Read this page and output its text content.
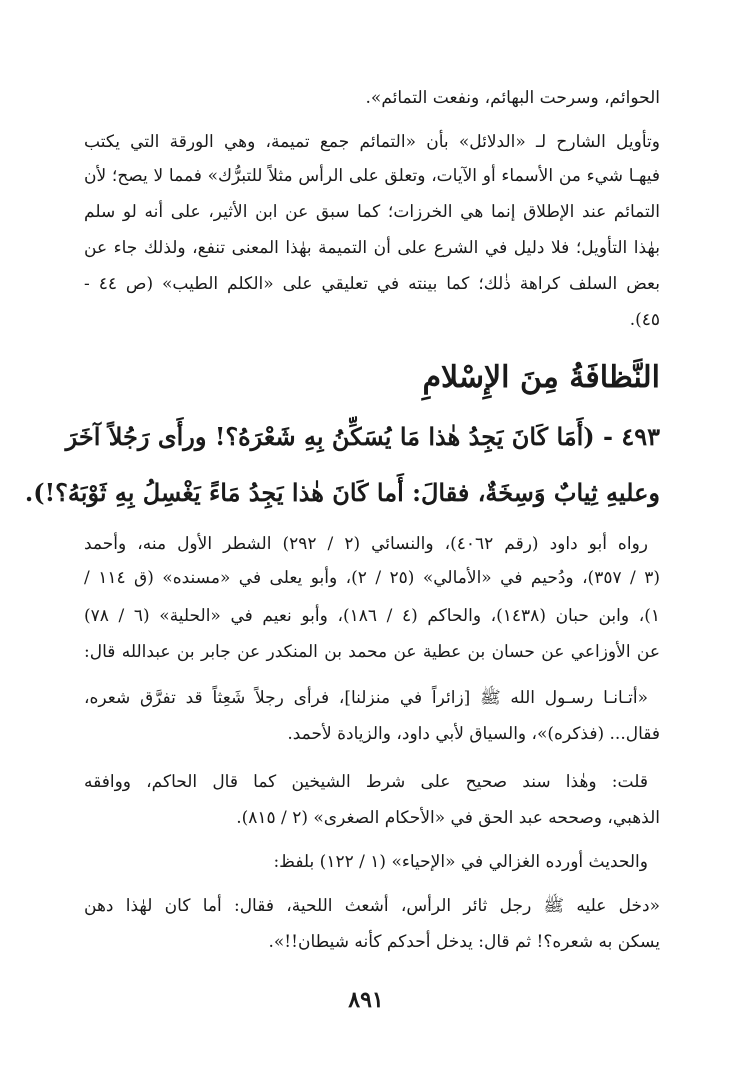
الحوائم، وسرحت البهائم، ونفعت التمائم».
وتأويل الشارح لـ «الدلائل» بأن «التمائم جمع تميمة، وهي الورقة التي يكتب
فيهـا شيء من الأسماء أو الآيات، وتعلق على الرأس مثلاً للتبرُّك» فمما لا يصح؛ لأن
التمائم عند الإطلاق إنما هي الخرزات؛ كما سبق عن ابن الأثير، على أنه لو سلم
بهٰذا التأويل؛ فلا دليل في الشرع على أن التميمة بهٰذا المعنى تنفع، ولذلك جاء عن
بعض السلف كراهة ذٰلك؛ كما بينته في تعليقي على «الكلم الطيب» (ص ٤٤ -
٤٥).
النَّظافَةُ مِنَ الإِسْلامِ
٤٩٣ - (أَمَا كَانَ يَجِدُ هٰذا مَا يُسَكِّنُ بِهِ شَعْرَهُ؟! ورأَى رَجُلاً آخَرَ
وعليهِ ثِيابٌ وَسِخَةٌ، فقالَ: أَما كَانَ هٰذا يَجِدُ مَاءً يَغْسِلُ بِهِ ثَوْبَهُ؟!).
رواه أبو داود (رقم ٤٠٦٢)، والنسائي (٢ / ٢٩٢) الشطر الأول منه، وأحمد
(٣ / ٣٥٧)، ودُحيم في «الأمالي» (٢٥ / ٢)، وأبو يعلى في «مسنده» (ق ١١٤ /
١)، وابن حبان (١٤٣٨)، والحاكم (٤ / ١٨٦)، وأبو نعيم في «الحلية» (٦ / ٧٨)
عن الأوزاعي عن حسان بن عطية عن محمد بن المنكدر عن جابر بن عبدالله قال:
«أتـانـا رسـول الله ﷺ [زائراً في منزلنا]، فرأى رجلاً شَعِثاً قد تفرَّق شعره،
فقال... (فذكره)»، والسياق لأبي داود، والزيادة لأحمد.
قلت: وهٰذا سند صحيح على شرط الشيخين كما قال الحاكم، ووافقه
الذهبي، وصححه عبد الحق في «الأحكام الصغرى» (٢ / ٨١٥).
والحديث أورده الغزالي في «الإحياء» (١ / ١٢٢) بلفظ:
«دخل عليه ﷺ رجل ثائر الرأس، أشعث اللحية، فقال: أما كان لهٰذا دهن
يسكن به شعره؟! ثم قال: يدخل أحدكم كأنه شيطان!!».
٨٩١
